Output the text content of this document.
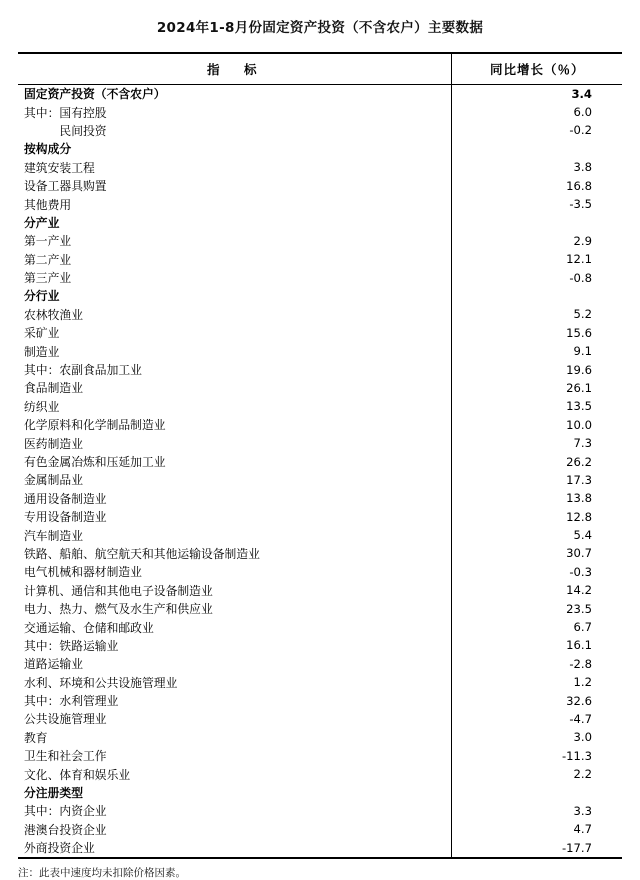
2024年1-8月份固定资产投资（不含农户）主要数据
指　标	同比增长（％）
固定资产投资（不含农户）	3.4
其中：国有控股	6.0
　　　民间投资	-0.2
按构成分	
建筑安装工程	3.8
设备工器具购置	16.8
其他费用	-3.5
分产业	
第一产业	2.9
第二产业	12.1
第三产业	-0.8
分行业	
农林牧渔业	5.2
采矿业	15.6
制造业	9.1
其中：农副食品加工业	19.6
食品制造业	26.1
纺织业	13.5
化学原料和化学制品制造业	10.0
医药制造业	7.3
有色金属冶炼和压延加工业	26.2
金属制品业	17.3
通用设备制造业	13.8
专用设备制造业	12.8
汽车制造业	5.4
铁路、船舶、航空航天和其他运输设备制造业	30.7
电气机械和器材制造业	-0.3
计算机、通信和其他电子设备制造业	14.2
电力、热力、燃气及水生产和供应业	23.5
交通运输、仓储和邮政业	6.7
其中：铁路运输业	16.1
道路运输业	-2.8
水利、环境和公共设施管理业	1.2
其中：水利管理业	32.6
公共设施管理业	-4.7
教育	3.0
卫生和社会工作	-11.3
文化、体育和娱乐业	2.2
分注册类型	
其中：内资企业	3.3
港澳台投资企业	4.7
外商投资企业	-17.7
注：此表中速度均未扣除价格因素。
